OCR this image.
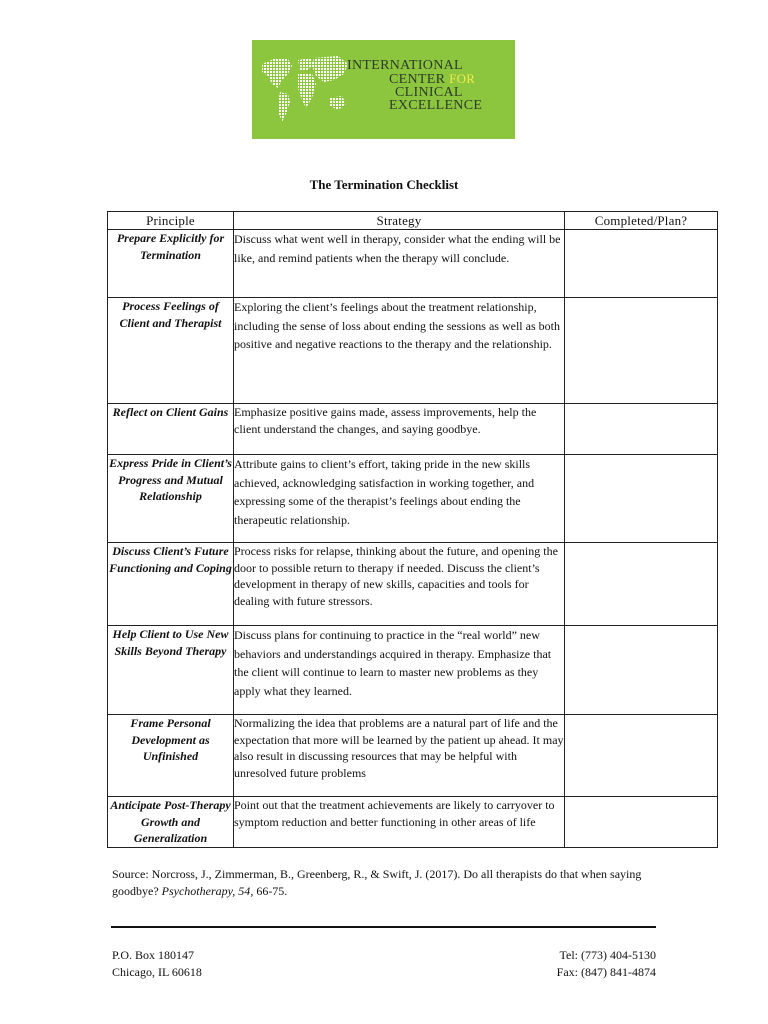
INTERNATIONAL
CENTER FOR
CLINICAL
EXCELLENCE
The Termination Checklist
Principle	Strategy	Completed/Plan?
Prepare Explicitly for Termination	Discuss what went well in therapy, consider what the ending will be like, and remind patients when the therapy will conclude.	
Process Feelings of Client and Therapist	Exploring the client’s feelings about the treatment relationship, including the sense of loss about ending the sessions as well as both positive and negative reactions to the therapy and the relationship.	
Reflect on Client Gains	Emphasize positive gains made, assess improvements, help the client understand the changes, and saying goodbye.	
Express Pride in Client’s Progress and Mutual Relationship	Attribute gains to client’s effort, taking pride in the new skills achieved, acknowledging satisfaction in working together, and expressing some of the therapist’s feelings about ending the therapeutic relationship.	
Discuss Client’s Future Functioning and Coping	Process risks for relapse, thinking about the future, and opening the door to possible return to therapy if needed. Discuss the client’s development in therapy of new skills, capacities and tools for dealing with future stressors.	
Help Client to Use New Skills Beyond Therapy	Discuss plans for continuing to practice in the “real world” new behaviors and understandings acquired in therapy. Emphasize that the client will continue to learn to master new problems as they apply what they learned.	
Frame Personal Development as Unfinished	Normalizing the idea that problems are a natural part of life and the expectation that more will be learned by the patient up ahead. It may also result in discussing resources that may be helpful with unresolved future problems	
Anticipate Post-Therapy Growth and Generalization	Point out that the treatment achievements are likely to carryover to symptom reduction and better functioning in other areas of life	
Source: Norcross, J., Zimmerman, B., Greenberg, R., & Swift, J. (2017). Do all therapists do that when saying goodbye? Psychotherapy, 54, 66-75.
P.O. Box 180147
Chicago, IL 60618
Tel: (773) 404-5130
Fax: (847) 841-4874
